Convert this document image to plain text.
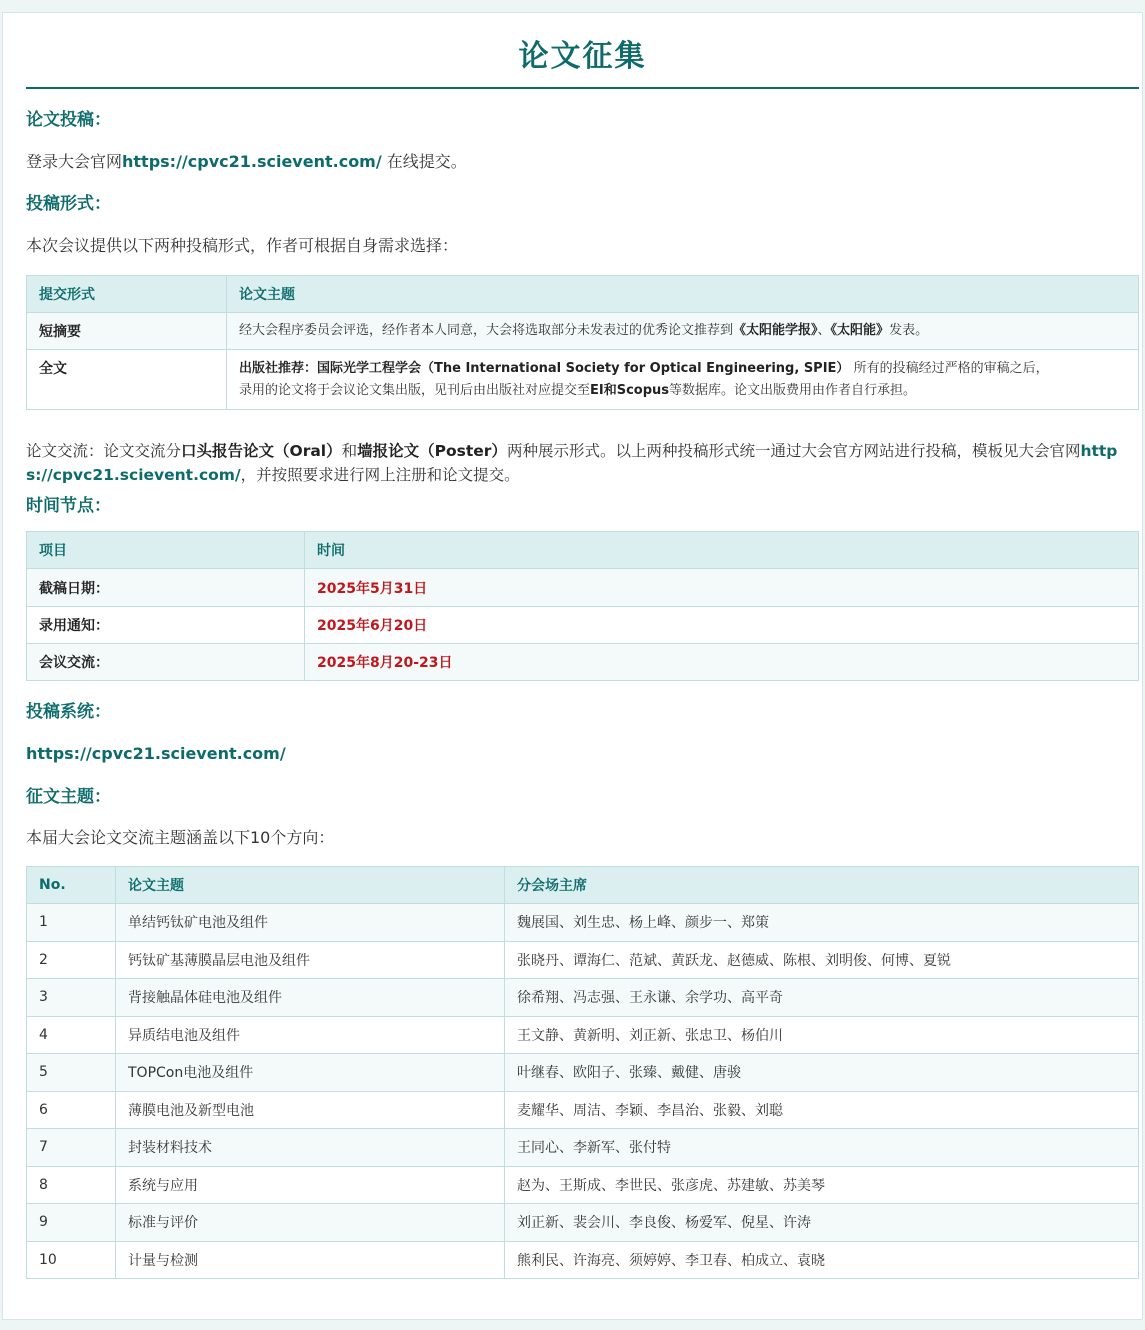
论文征集
论文投稿：
登录大会官网https://cpvc21.scievent.com/ 在线提交。
投稿形式：
本次会议提供以下两种投稿形式，作者可根据自身需求选择：
提交形式	论文主题
短摘要	经大会程序委员会评选，经作者本人同意，大会将选取部分未发表过的优秀论文推荐到《太阳能学报》、《太阳能》发表。
全文	出版社推荐：国际光学工程学会（The International Society for Optical Engineering, SPIE） 所有的投稿经过严格的审稿之后，
录用的论文将于会议论文集出版，见刊后由出版社对应提交至EI和Scopus等数据库。论文出版费用由作者自行承担。
论文交流：论文交流分口头报告论文（Oral）和墙报论文（Poster）两种展示形式。以上两种投稿形式统一通过大会官方网站进行投稿，模板见大会官网https://cpvc21.scievent.com/，并按照要求进行网上注册和论文提交。
时间节点：
项目	时间
截稿日期：	2025年5月31日
录用通知：	2025年6月20日
会议交流：	2025年8月20-23日
投稿系统：
https://cpvc21.scievent.com/
征文主题：
本届大会论文交流主题涵盖以下10个方向：
No.	论文主题	分会场主席
1	单结钙钛矿电池及组件	魏展国、刘生忠、杨上峰、颜步一、郑策
2	钙钛矿基薄膜晶层电池及组件	张晓丹、谭海仁、范斌、黄跃龙、赵德威、陈根、刘明俊、何博、夏锐
3	背接触晶体硅电池及组件	徐希翔、冯志强、王永谦、余学功、高平奇
4	异质结电池及组件	王文静、黄新明、刘正新、张忠卫、杨伯川
5	TOPCon电池及组件	叶继春、欧阳子、张臻、戴健、唐骏
6	薄膜电池及新型电池	麦耀华、周洁、李颖、李昌治、张毅、刘聪
7	封装材料技术	王同心、李新军、张付特
8	系统与应用	赵为、王斯成、李世民、张彦虎、苏建敏、苏美琴
9	标准与评价	刘正新、裴会川、李良俊、杨爱军、倪星、许涛
10	计量与检测	熊利民、许海亮、须婷婷、李卫春、柏成立、袁晓
